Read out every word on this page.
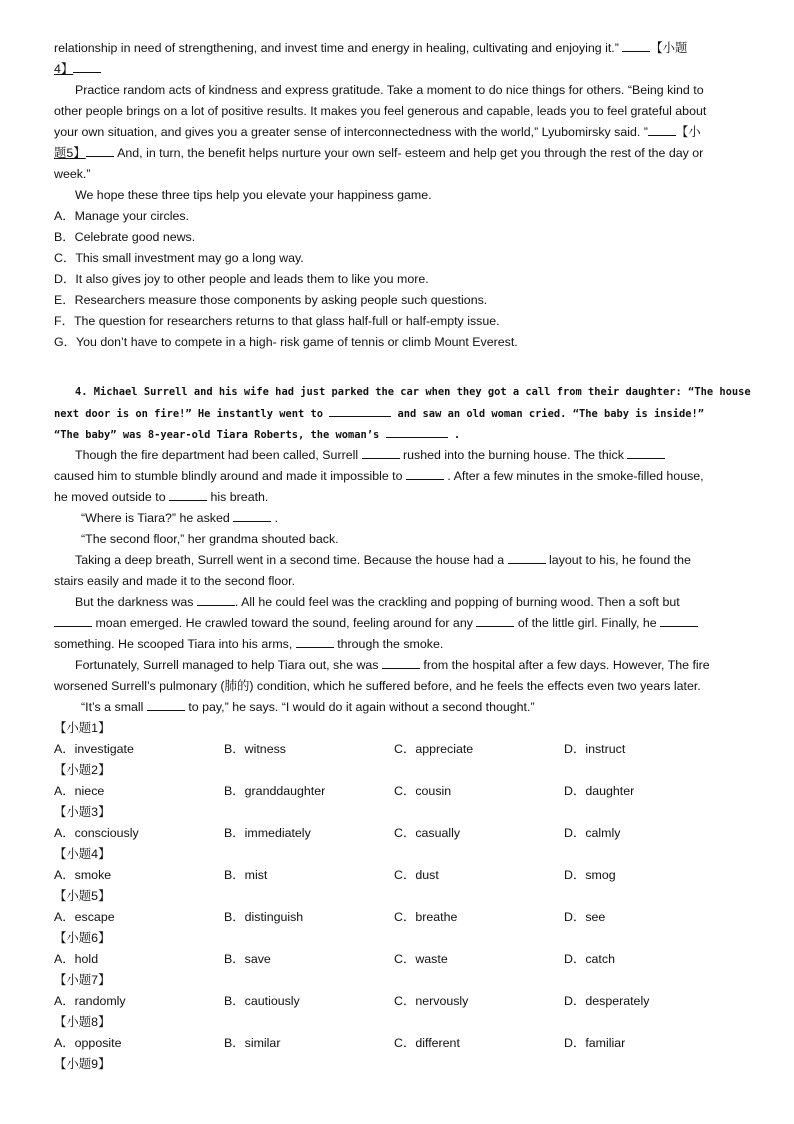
relationship in need of strengthening, and invest time and energy in healing, cultivating and enjoying it.”	【小题
4】
Practice random acts of kindness and express gratitude. Take a moment to do nice things for others. “Being kind to
other people brings on a lot of positive results. It makes you feel generous and capable, leads you to feel grateful about
your own situation, and gives you a greater sense of interconnectedness with the world,” Lyubomirsky said. ” 【小
题5】	And, in turn, the benefit helps nurture your own self- esteem and help get you through the rest of the day or
week.”
We hope these three tips help you elevate your happiness game.
A．Manage your circles.
B．Celebrate good news.
C．This small investment may go a long way.
D．It also gives joy to other people and leads them to like you more.
E．Researchers measure those components by asking people such questions.
F．The question for researchers returns to that glass half-full or half-empty issue.
G．You don’t have to compete in a high- risk game of tennis or climb Mount Everest.
4. Michael Surrell and his wife had just parked the car when they got a call from their daughter: “The house
next door is on fire!” He instantly went to	and saw an old woman cried. “The baby is inside!”
“The baby” was 8-year-old Tiara Roberts, the woman’s	.
Though the fire department had been called, Surrell	rushed into the burning house. The thick
caused him to stumble blindly around and made it impossible to	. After a few minutes in the smoke-filled house,
he moved outside to	his breath.
“Where is Tiara?” he asked	.
“The second floor,” her grandma shouted back.
Taking a deep breath, Surrell went in a second time. Because the house had a	layout to his, he found the
stairs easily and made it to the second floor.
But the darkness was	. All he could feel was the crackling and popping of burning wood. Then a soft but
moan emerged. He crawled toward the sound, feeling around for any	of the little girl. Finally, he
something. He scooped Tiara into his arms,	through the smoke.
Fortunately, Surrell managed to help Tiara out, she was	from the hospital after a few days. However, The fire
worsened Surrell’s pulmonary (肺的) condition, which he suffered before, and he feels the effects even two years later.
“It’s a small	to pay,” he says. “I would do it again without a second thought.”
【小题1】
A．investigate	B．witness	C．appreciate	D．instruct
【小题2】
A．niece	B．granddaughter	C．cousin	D．daughter
【小题3】
A．consciously	B．immediately	C．casually	D．calmly
【小题4】
A．smoke	B．mist	C．dust	D．smog
【小题5】
A．escape	B．distinguish	C．breathe	D．see
【小题6】
A．hold	B．save	C．waste	D．catch
【小题7】
A．randomly	B．cautiously	C．nervously	D．desperately
【小题8】
A．opposite	B．similar	C．different	D．familiar
【小题9】
